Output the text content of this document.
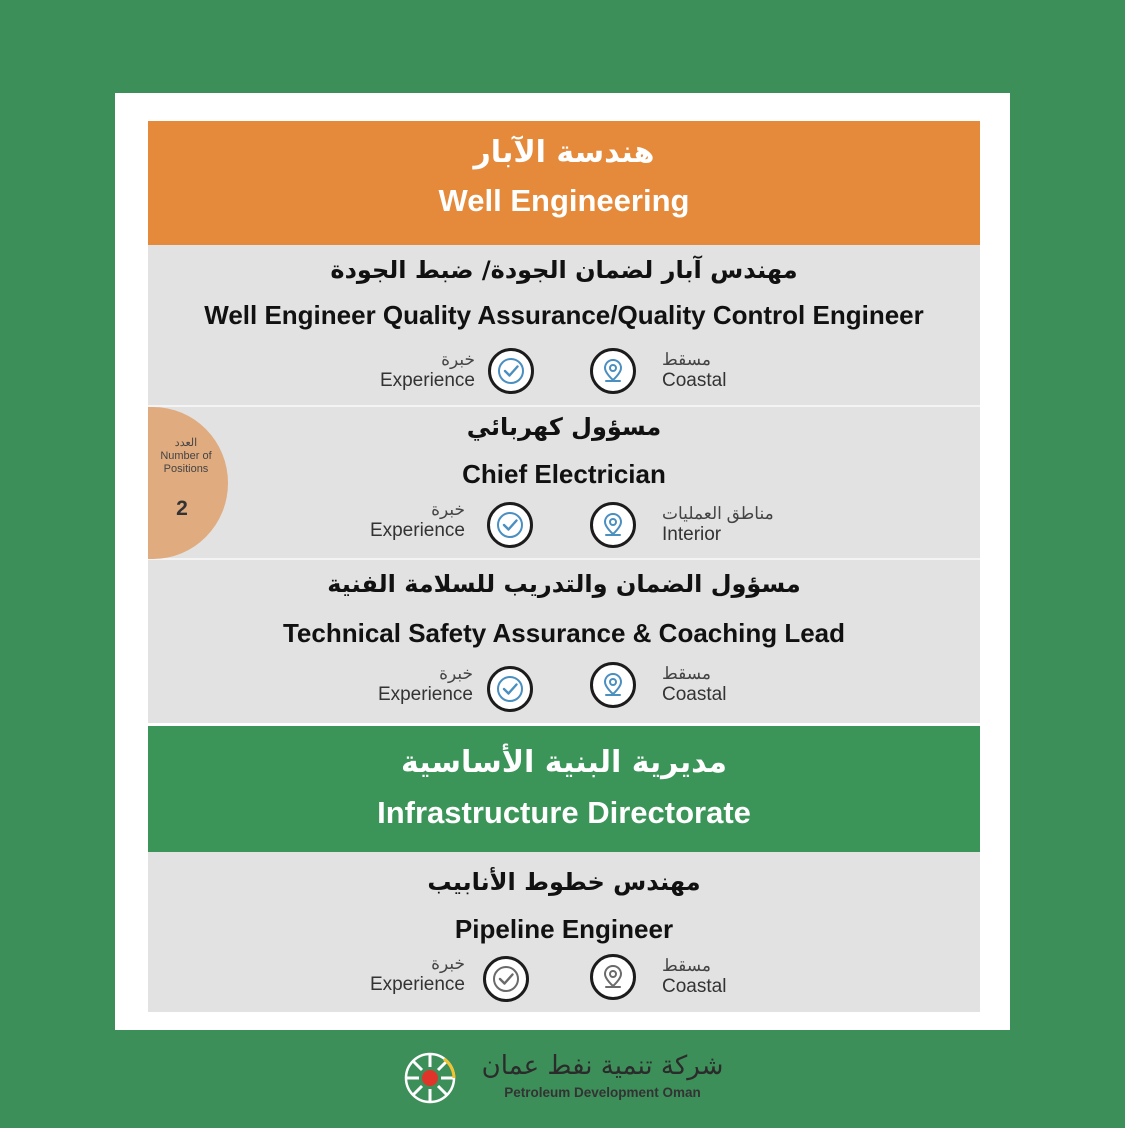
هندسة الآبار
Well Engineering
مهندس آبار لضمان الجودة/ ضبط الجودة
Well Engineer Quality Assurance/Quality Control Engineer
مسؤول كهربائي
Chief Electrician
مسؤول الضمان والتدريب للسلامة الفنية
Technical Safety Assurance & Coaching Lead
العدد
Number of Positions
2
مديرية البنية الأساسية
Infrastructure Directorate
مهندس خطوط الأنابيب
Pipeline Engineer
خبرة
Experience
مسقط
Coastal
خبرة
Experience
مناطق العمليات
Interior
خبرة
Experience
مسقط
Coastal
خبرة
Experience
مسقط
Coastal
شركة تنمية نفط عمان
Petroleum Development Oman
